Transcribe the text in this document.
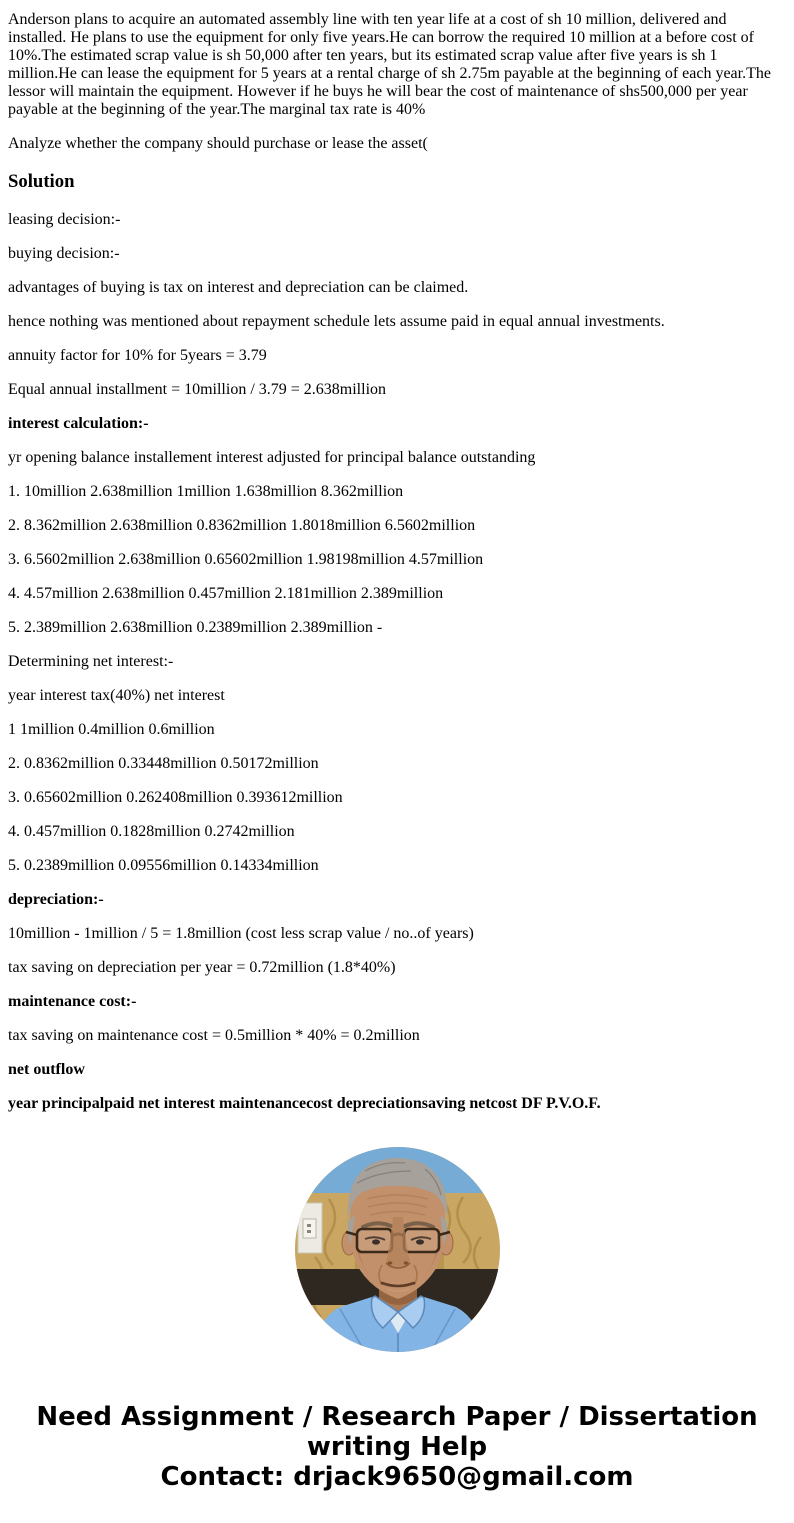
Anderson plans to acquire an automated assembly line with ten year life at a cost of sh 10 million, delivered and installed. He plans to use the equipment for only five years.He can borrow the required 10 million at a before cost of 10%.The estimated scrap value is sh 50,000 after ten years, but its estimated scrap value after five years is sh 1 million.He can lease the equipment for 5 years at a rental charge of sh 2.75m payable at the beginning of each year.The lessor will maintain the equipment. However if he buys he will bear the cost of maintenance of shs500,000 per year payable at the beginning of the year.The marginal tax rate is 40%

Analyze whether the company should purchase or lease the asset(

Solution

leasing decision:-

buying decision:-

advantages of buying is tax on interest and depreciation can be claimed.

hence nothing was mentioned about repayment schedule lets assume paid in equal annual investments.

annuity factor for 10% for 5years = 3.79

Equal annual installment = 10million / 3.79 = 2.638million

interest calculation:-

yr opening balance installement interest adjusted for principal balance outstanding

1. 10million 2.638million 1million 1.638million 8.362million

2. 8.362million 2.638million 0.8362million 1.8018million 6.5602million

3. 6.5602million 2.638million 0.65602million 1.98198million 4.57million

4. 4.57million 2.638million 0.457million 2.181million 2.389million

5. 2.389million 2.638million 0.2389million 2.389million -

Determining net interest:-

year interest tax(40%) net interest

1 1million 0.4million 0.6million

2. 0.8362million 0.33448million 0.50172million

3. 0.65602million 0.262408million 0.393612million

4. 0.457million 0.1828million 0.2742million

5. 0.2389million 0.09556million 0.14334million

depreciation:-

10million - 1million / 5 = 1.8million (cost less scrap value / no..of years)

tax saving on depreciation per year = 0.72million (1.8*40%)

maintenance cost:-

tax saving on maintenance cost = 0.5million * 40% = 0.2million

net outflow

year principalpaid net interest maintenancecost depreciationsaving netcost DF P.V.O.F.

Need Assignment / Research Paper / Dissertation
writing Help
Contact: drjack9650@gmail.com
